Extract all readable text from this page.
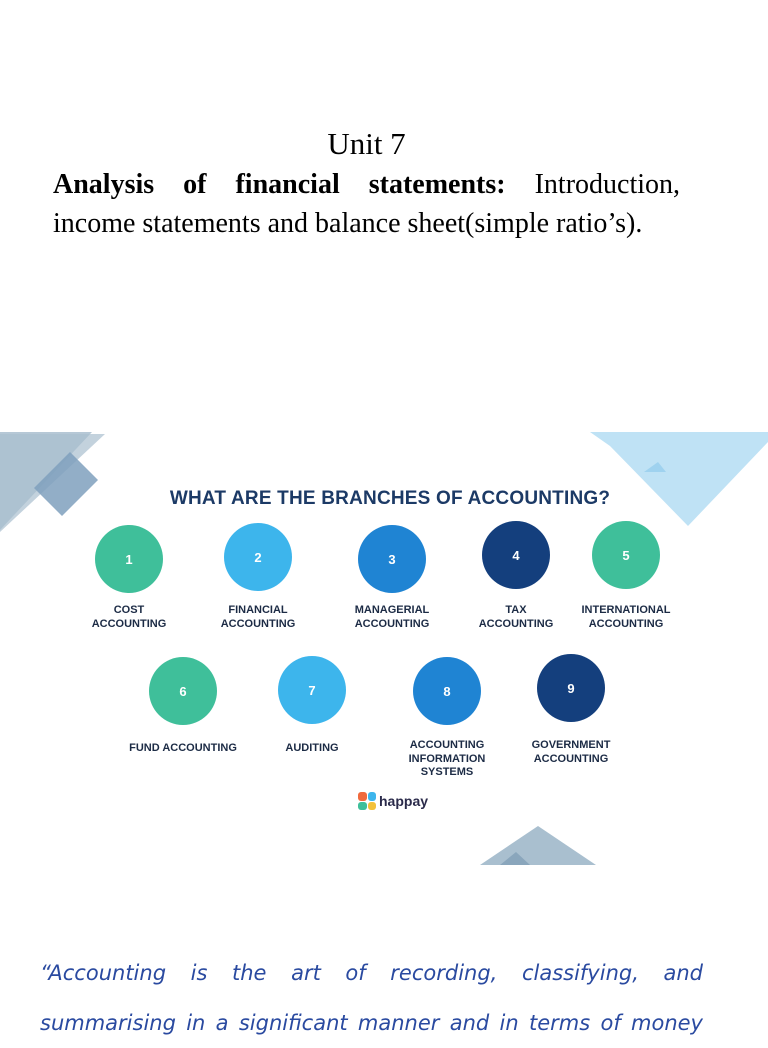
Unit 7
Analysis of financial statements: Introduction, income statements and balance sheet(simple ratio’s).
WHAT ARE THE BRANCHES OF ACCOUNTING?
1
COST
ACCOUNTING
2
FINANCIAL
ACCOUNTING
3
MANAGERIAL
ACCOUNTING
4
TAX
ACCOUNTING
5
INTERNATIONAL
ACCOUNTING
6
FUND ACCOUNTING
7
AUDITING
8
ACCOUNTING
INFORMATION
SYSTEMS
9
GOVERNMENT
ACCOUNTING
happay
“Accounting is the art of recording, classifying, and
summarising in a significant manner and in terms of money
